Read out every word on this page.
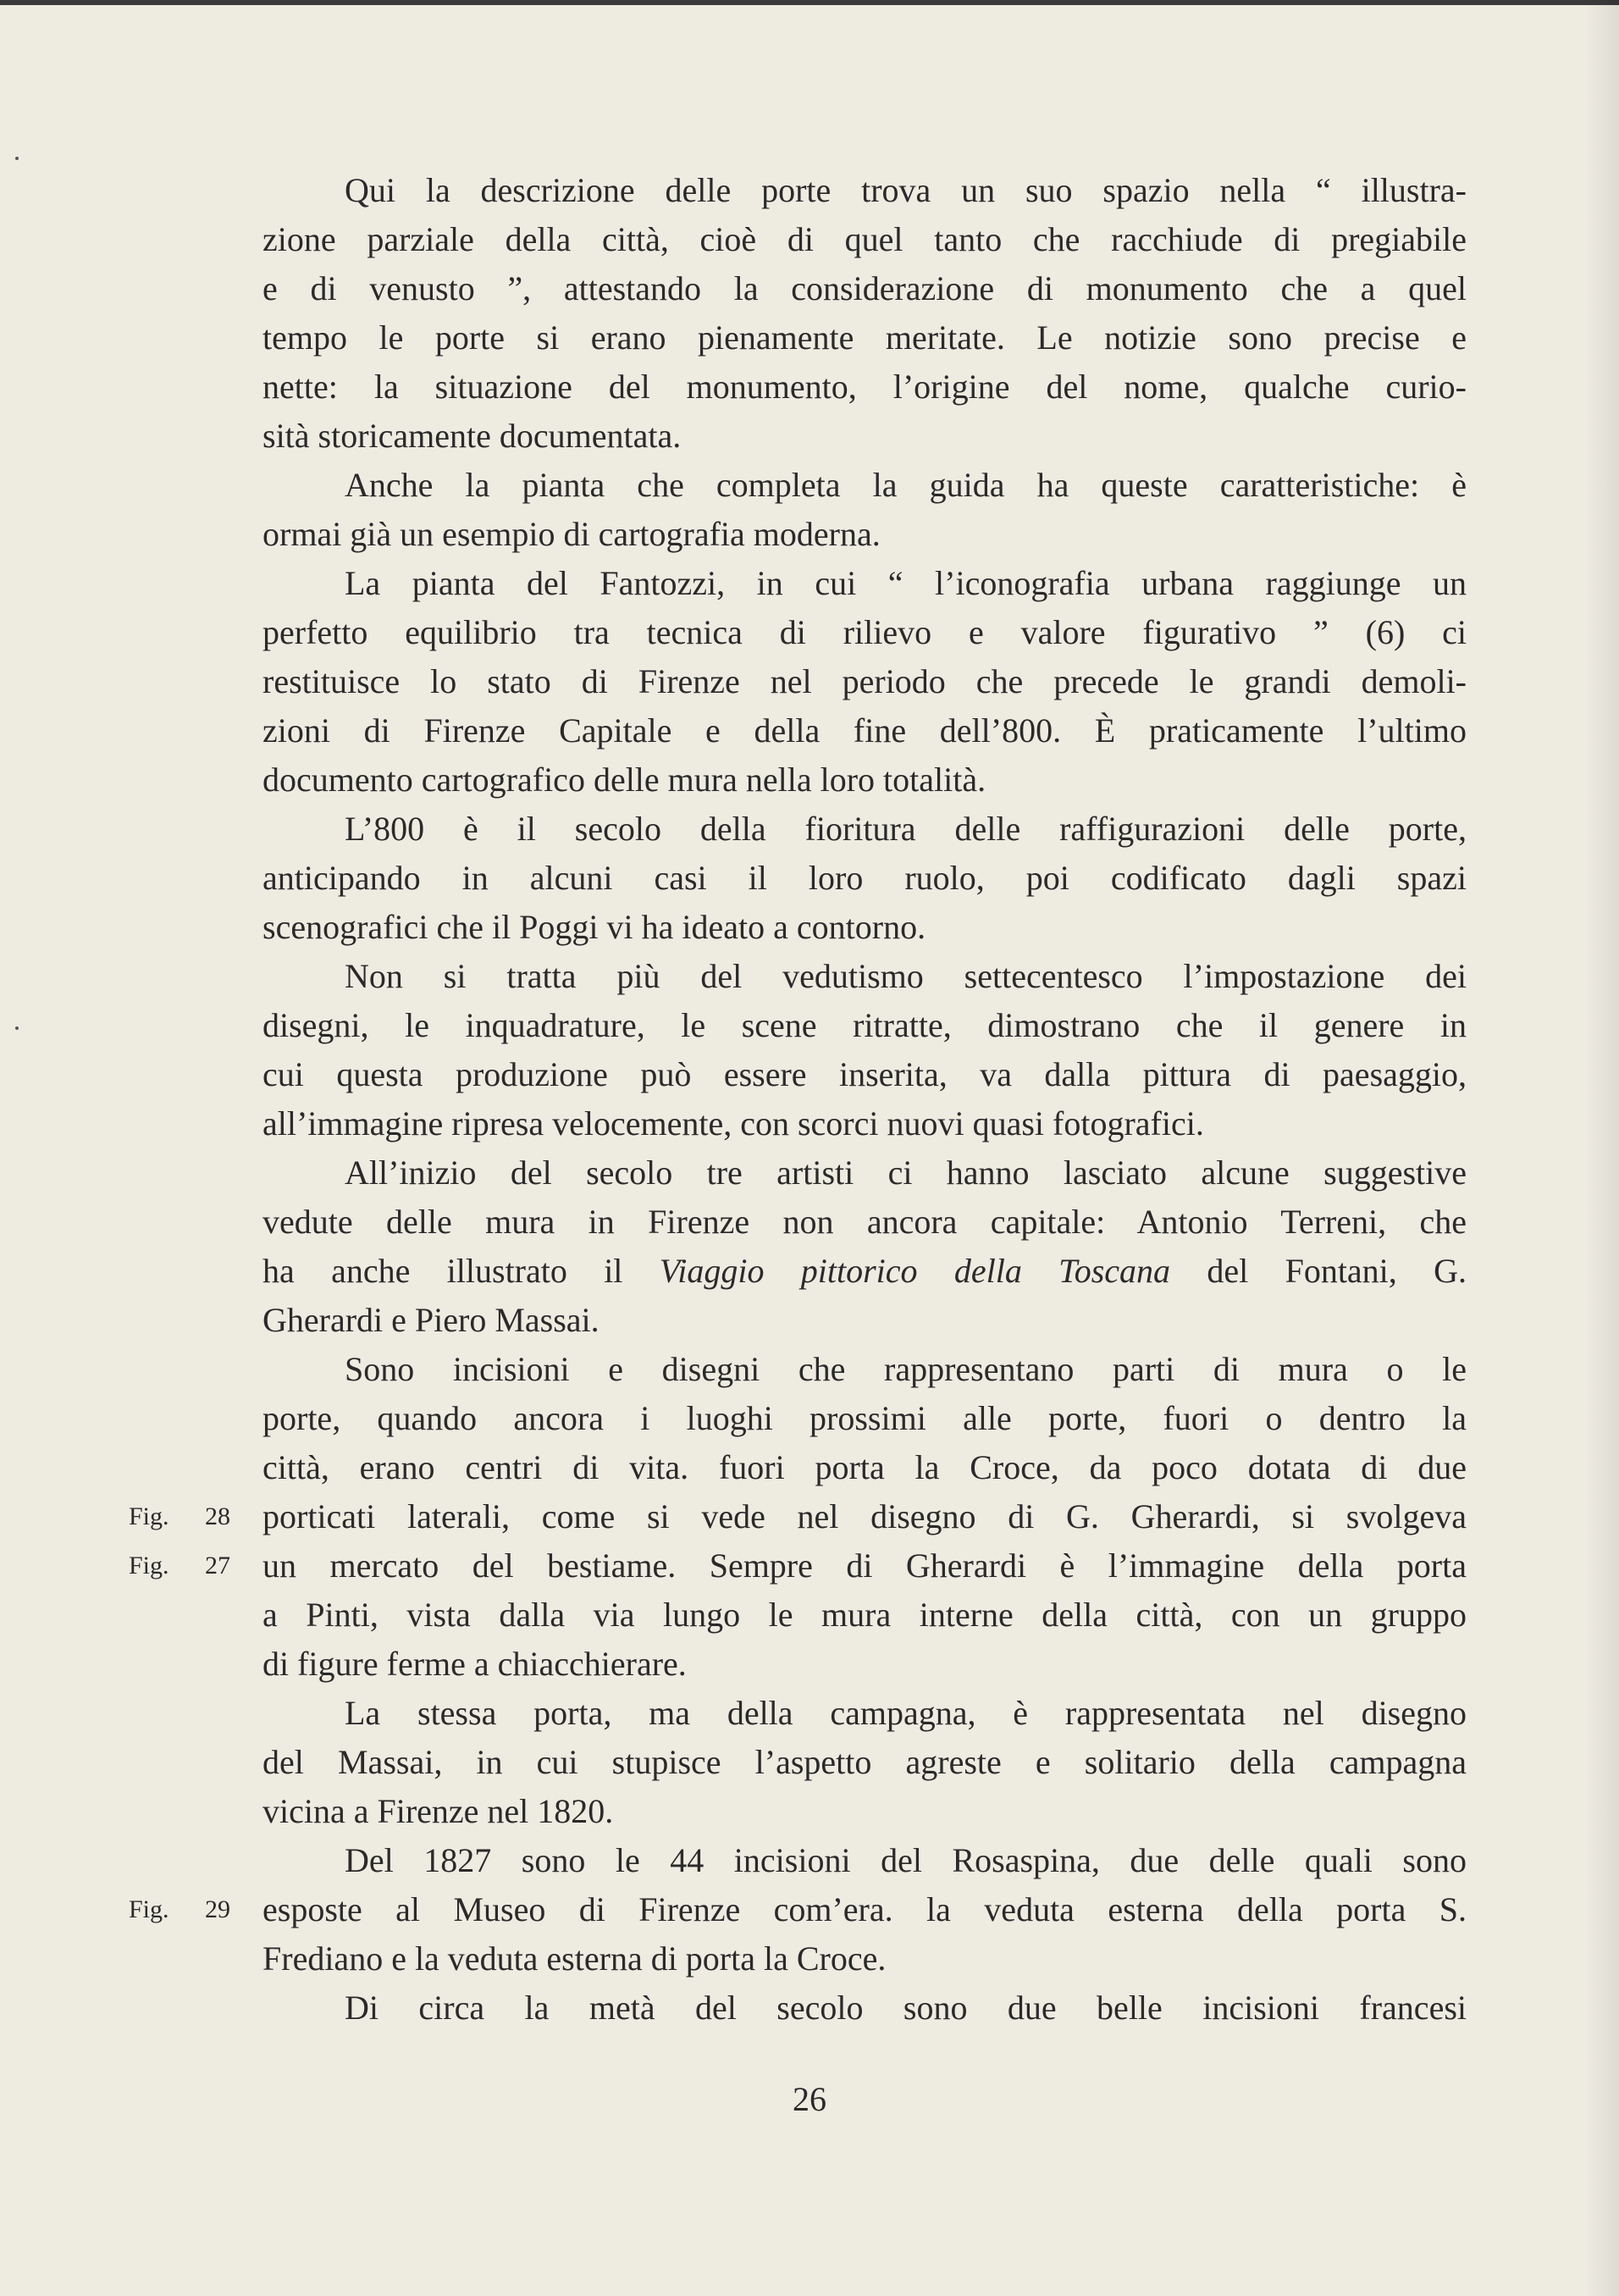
Qui la descrizione delle porte trova un suo spazio nella “ illustra-
zione parziale della città, cioè di quel tanto che racchiude di pregiabile
e di venusto ”, attestando la considerazione di monumento che a quel
tempo le porte si erano pienamente meritate. Le notizie sono precise e
nette: la situazione del monumento, l’origine del nome, qualche curio-
sità storicamente documentata.
Anche la pianta che completa la guida ha queste caratteristiche: è
ormai già un esempio di cartografia moderna.
La pianta del Fantozzi, in cui “ l’iconografia urbana raggiunge un
perfetto equilibrio tra tecnica di rilievo e valore figurativo ” (6) ci
restituisce lo stato di Firenze nel periodo che precede le grandi demoli-
zioni di Firenze Capitale e della fine dell’800. È praticamente l’ultimo
documento cartografico delle mura nella loro totalità.
L’800 è il secolo della fioritura delle raffigurazioni delle porte,
anticipando in alcuni casi il loro ruolo, poi codificato dagli spazi
scenografici che il Poggi vi ha ideato a contorno.
Non si tratta più del vedutismo settecentesco l’impostazione dei
disegni, le inquadrature, le scene ritratte, dimostrano che il genere in
cui questa produzione può essere inserita, va dalla pittura di paesaggio,
all’immagine ripresa velocemente, con scorci nuovi quasi fotografici.
All’inizio del secolo tre artisti ci hanno lasciato alcune suggestive
vedute delle mura in Firenze non ancora capitale: Antonio Terreni, che
ha anche illustrato il Viaggio pittorico della Toscana del Fontani, G.
Gherardi e Piero Massai.
Sono incisioni e disegni che rappresentano parti di mura o le
porte, quando ancora i luoghi prossimi alle porte, fuori o dentro la
città, erano centri di vita. fuori porta la Croce, da poco dotata di due
porticati laterali, come si vede nel disegno di G. Gherardi, si svolgeva
Fig. 28
un mercato del bestiame. Sempre di Gherardi è l’immagine della porta
Fig. 27
a Pinti, vista dalla via lungo le mura interne della città, con un gruppo
di figure ferme a chiacchierare.
La stessa porta, ma della campagna, è rappresentata nel disegno
del Massai, in cui stupisce l’aspetto agreste e solitario della campagna
vicina a Firenze nel 1820.
Del 1827 sono le 44 incisioni del Rosaspina, due delle quali sono
esposte al Museo di Firenze com’era. la veduta esterna della porta S.
Fig. 29
Frediano e la veduta esterna di porta la Croce.
Di circa la metà del secolo sono due belle incisioni francesi
26
